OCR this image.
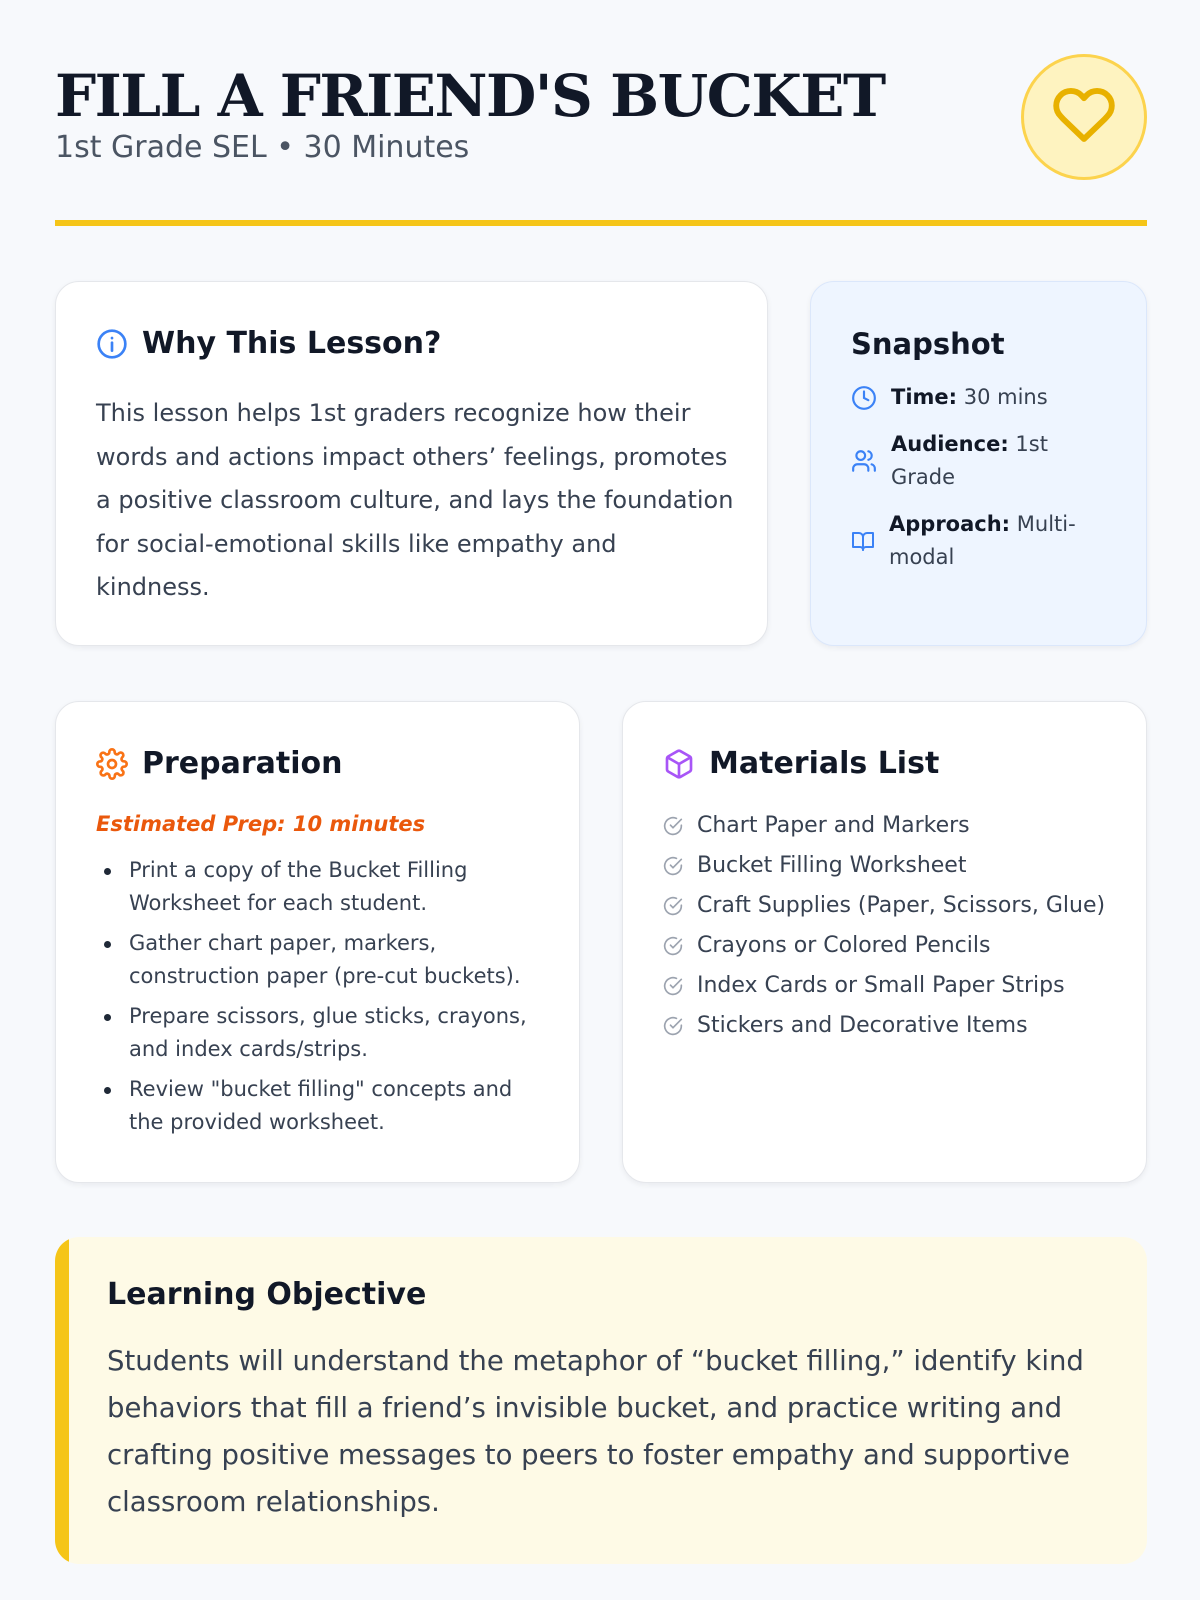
FILL A FRIEND'S BUCKET
1st Grade SEL • 30 Minutes
Why This Lesson?

This lesson helps 1st graders recognize how their words and actions impact others’ feelings, promotes a positive classroom culture, and lays the foundation for social-emotional skills like empathy and kindness.

Snapshot
Time: 30 mins
Audience: 1st Grade
Approach: Multi-modal
Preparation
Estimated Prep: 10 minutes
Print a copy of the Bucket Filling Worksheet for each student.
Gather chart paper, markers, construction paper (pre-cut buckets).
Prepare scissors, glue sticks, crayons, and index cards/strips.
Review "bucket filling" concepts and the provided worksheet.
Materials List
Chart Paper and Markers
Bucket Filling Worksheet
Craft Supplies (Paper, Scissors, Glue)
Crayons or Colored Pencils
Index Cards or Small Paper Strips
Stickers and Decorative Items
Learning Objective

Students will understand the metaphor of “bucket filling,” identify kind behaviors that fill a friend’s invisible bucket, and practice writing and crafting positive messages to peers to foster empathy and supportive classroom relationships.
